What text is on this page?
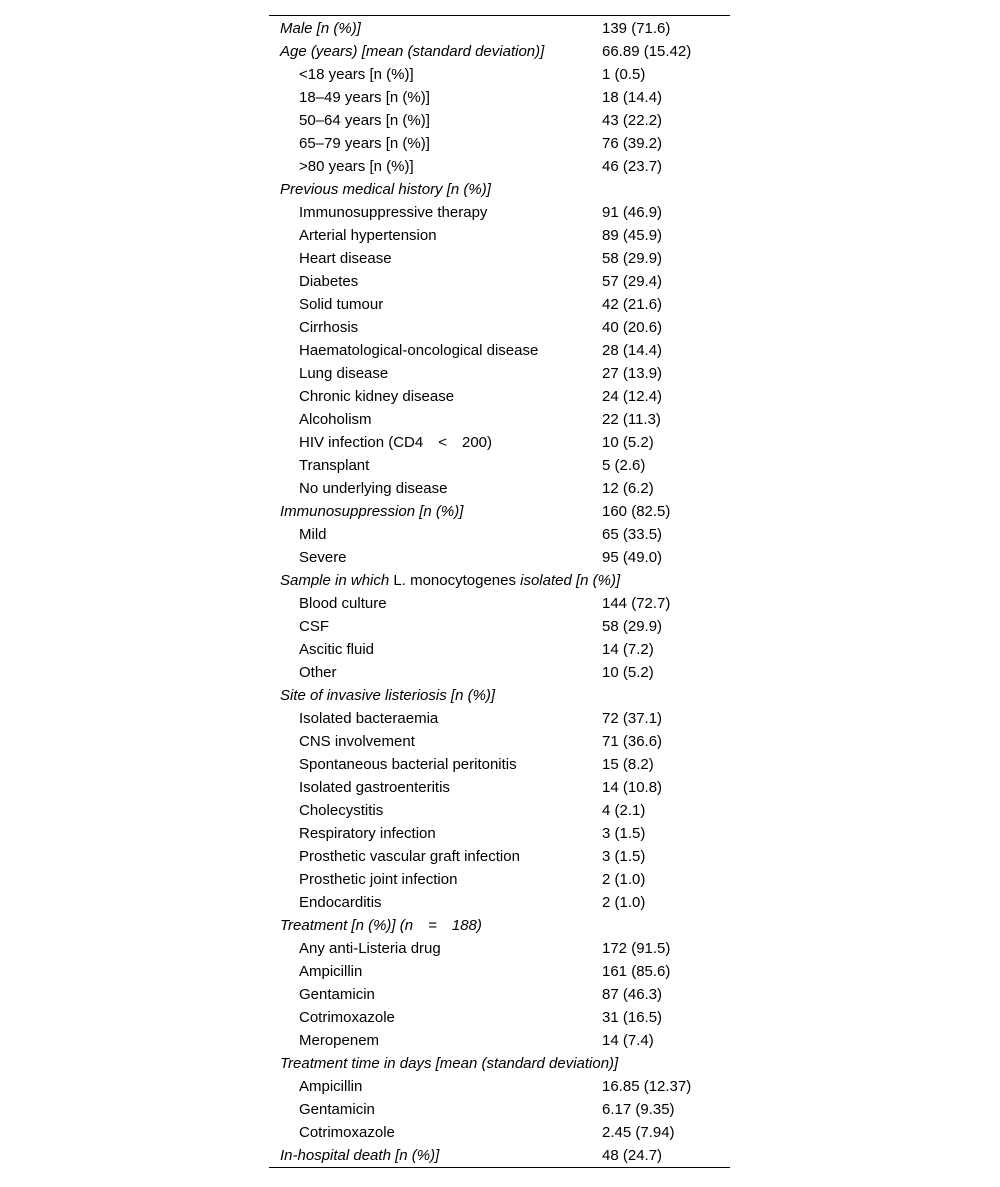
Male [n (%)]	139 (71.6)
Age (years) [mean (standard deviation)]	66.89 (15.42)
<18 years [n (%)]	1 (0.5)
18–49 years [n (%)]	18 (14.4)
50–64 years [n (%)]	43 (22.2)
65–79 years [n (%)]	76 (39.2)
>80 years [n (%)]	46 (23.7)
Previous medical history [n (%)]
Immunosuppressive therapy	91 (46.9)
Arterial hypertension	89 (45.9)
Heart disease	58 (29.9)
Diabetes	57 (29.4)
Solid tumour	42 (21.6)
Cirrhosis	40 (20.6)
Haematological-oncological disease	28 (14.4)
Lung disease	27 (13.9)
Chronic kidney disease	24 (12.4)
Alcoholism	22 (11.3)
HIV infection (CD4 < 200)	10 (5.2)
Transplant	5 (2.6)
No underlying disease	12 (6.2)
Immunosuppression [n (%)]	160 (82.5)
Mild	65 (33.5)
Severe	95 (49.0)
Sample in which L. monocytogenes isolated [n (%)]
Blood culture	144 (72.7)
CSF	58 (29.9)
Ascitic fluid	14 (7.2)
Other	10 (5.2)
Site of invasive listeriosis [n (%)]
Isolated bacteraemia	72 (37.1)
CNS involvement	71 (36.6)
Spontaneous bacterial peritonitis	15 (8.2)
Isolated gastroenteritis	14 (10.8)
Cholecystitis	4 (2.1)
Respiratory infection	3 (1.5)
Prosthetic vascular graft infection	3 (1.5)
Prosthetic joint infection	2 (1.0)
Endocarditis	2 (1.0)
Treatment [n (%)] (n = 188)
Any anti-Listeria drug	172 (91.5)
Ampicillin	161 (85.6)
Gentamicin	87 (46.3)
Cotrimoxazole	31 (16.5)
Meropenem	14 (7.4)
Treatment time in days [mean (standard deviation)]
Ampicillin	16.85 (12.37)
Gentamicin	6.17 (9.35)
Cotrimoxazole	2.45 (7.94)
In-hospital death [n (%)]	48 (24.7)
